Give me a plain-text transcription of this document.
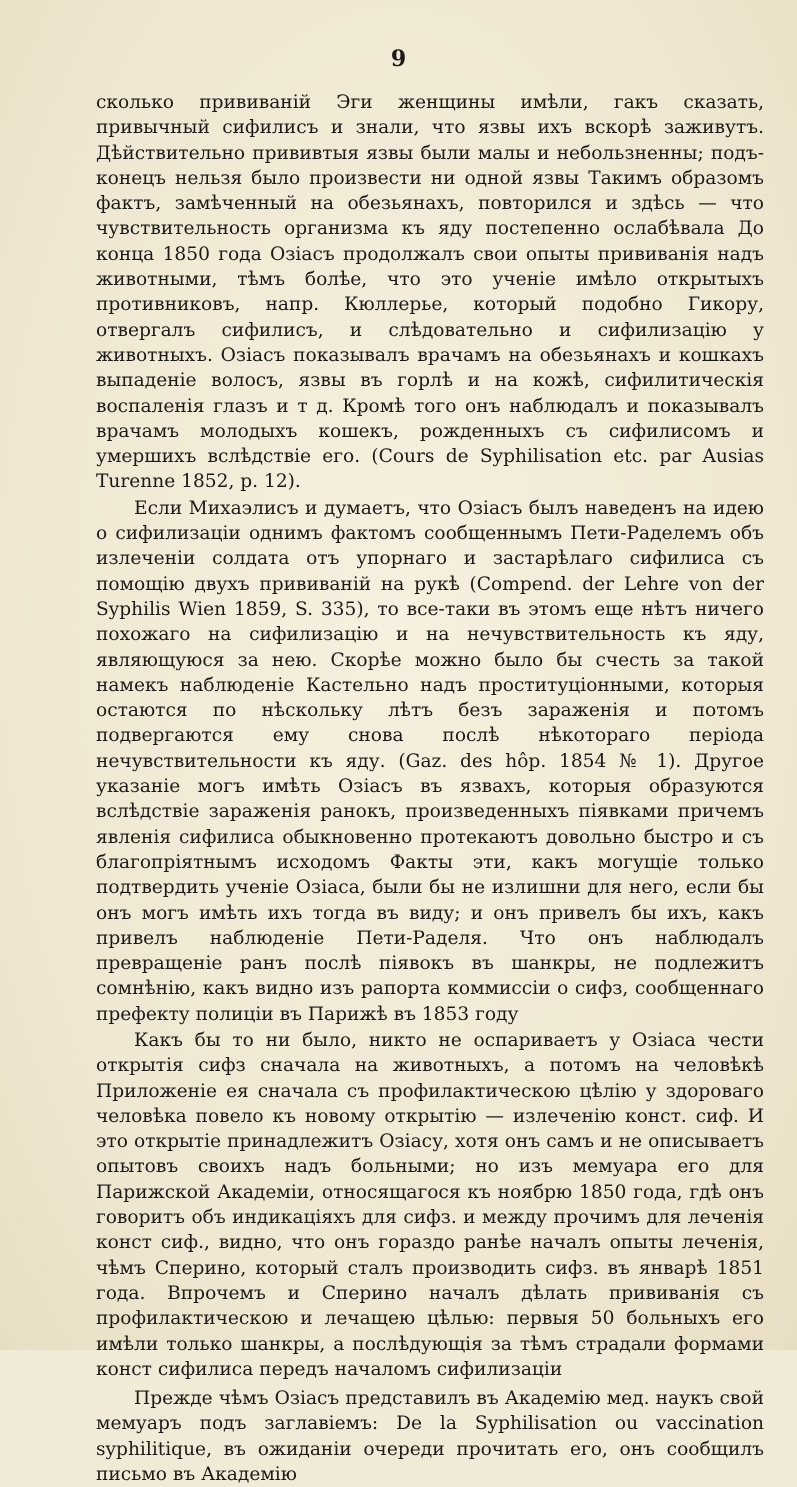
9

сколько прививаній Эги женщины имѣли, гакъ сказать, привычный сифилисъ и знали, что язвы ихъ вскорѣ заживутъ. Дѣйствительно прививтыя язвы были малы и небользненны; подъ-конецъ нельзя было произвести ни одной язвы Такимъ образомъ фактъ, замѣченный на обезьянахъ, повторился и здѣсь — что чувствительность организма къ яду постепенно ослабѣвала До конца 1850 года Озіасъ продолжалъ свои опыты прививанія надъ животными, тѣмъ болѣе, что это ученіе имѣло открытыхъ противниковъ, напр. Кюллерье, который подобно Гикору, отвергалъ сифилисъ, и слѣдовательно и сифилизацію у животныхъ. Озіасъ показывалъ врачамъ на обезьянахъ и кошкахъ выпаденіе волосъ, язвы въ горлѣ и на кожѣ, сифилитическія воспаленія глазъ и т д. Кромѣ того онъ наблюдалъ и показывалъ врачамъ молодыхъ кошекъ, рожденныхъ съ сифилисомъ и умершихъ вслѣдствіе его. (Cours de Syphilisation etc. par Ausias Turenne 1852, p. 12).

Если Михаэлисъ и думаетъ, что Озіасъ былъ наведенъ на идею о сифилизаціи однимъ фактомъ сообщеннымъ Пети-Раделемъ объ излеченіи солдата отъ упорнаго и застарѣлаго сифилиса съ помощію двухъ прививаній на рукѣ (Compend. der Lehre von der Syphilis Wien 1859, S. 335), то все-таки въ этомъ еще нѣтъ ничего похожаго на сифилизацію и на нечувствительность къ яду, являющуюся за нею. Скорѣе можно было бы счесть за такой намекъ наблюденіе Кастельно надъ проституціонными, которыя остаются по нѣскольку лѣтъ безъ зараженія и потомъ подвергаются ему снова послѣ нѣкотораго періода нечувствительности къ яду. (Gaz. des hôp. 1854 № 1). Другое указаніе могъ имѣть Озіасъ въ язвахъ, которыя образуются вслѣдствіе зараженія ранокъ, произведенныхъ піявками причемъ явленія сифилиса обыкновенно протекаютъ довольно быстро и съ благопріятнымъ исходомъ Факты эти, какъ могущіе только подтвердить ученіе Озіаса, были бы не излишни для него, если бы онъ могъ имѣть ихъ тогда въ виду; и онъ привелъ бы ихъ, какъ привелъ наблюденіе Пети-Раделя. Что онъ наблюдалъ превращеніе ранъ послѣ піявокъ въ шанкры, не подлежитъ сомнѣнію, какъ видно изъ рапорта коммиссіи о сифз, сообщеннаго префекту полиціи въ Парижѣ въ 1853 году

Какъ бы то ни было, никто не оспариваетъ у Озіаса чести открытія сифз сначала на животныхъ, а потомъ на человѣкѣ Приложеніе ея сначала съ профилактическою цѣлію у здороваго человѣка повело къ новому открытію — излеченію конст. сиф. И это открытіе принадлежитъ Озіасу, хотя онъ самъ и не описываетъ опытовъ своихъ надъ больными; но изъ мемуара его для Парижской Академіи, относящагося къ ноябрю 1850 года, гдѣ онъ говоритъ объ индикаціяхъ для сифз. и между прочимъ для леченія конст сиф., видно, что онъ гораздо ранѣе началъ опыты леченія, чѣмъ Сперино, который сталъ производить сифз. въ январѣ 1851 года. Впрочемъ и Сперино началъ дѣлать прививанія съ профилактическою и лечащею цѣлью: первыя 50 больныхъ его имѣли только шанкры, а послѣдующія за тѣмъ страдали формами конст сифилиса передъ началомъ сифилизаціи

Прежде чѣмъ Озіасъ представилъ въ Академію мед. наукъ свой мемуаръ подъ заглавіемъ: De la Syphilisation ou vaccination syphilitique, въ ожиданіи очереди прочитать его, онъ сообщилъ письмо въ Академію
